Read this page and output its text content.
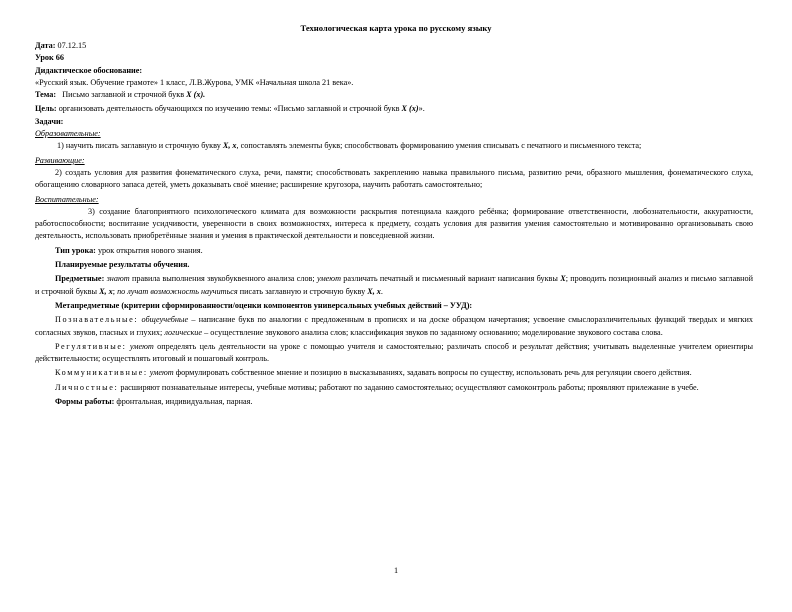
Технологическая карта урока по русскому языку

Дата: 07.12.15

Урок 66

Дидактическое обоснование:

«Русский язык. Обучение грамоте» 1 класс, Л.В.Журова, УМК «Начальная школа 21 века».

Тема: Письмо заглавной и строчной букв Х (х).

Цель: организовать деятельность обучающихся по изучению темы: «Письмо заглавной и строчной букв Х (х)».

Задачи:

Образовательные:

1) научить писать заглавную и строчную букву Х, х, сопоставлять элементы букв; способствовать формированию умения списывать с печатного и письменного текста;

Развивающие:

2) создать условия для развития фонематического слуха, речи, памяти; способствовать закреплению навыка правильного письма, развитию речи, образного мышления, фонематического слуха, обогащению словарного запаса детей, уметь доказывать своё мнение; расширение кругозора, научить работать самостоятельно;

Воспитательные:

3) создание благоприятного психологического климата для возможности раскрытия потенциала каждого ребёнка; формирование ответственности, любознательности, аккуратности, работоспособности; воспитание усидчивости, уверенности в своих возможностях, интереса к предмету, создать условия для развития умения самостоятельно и мотивированно организовывать свою деятельность, использовать приобретённые знания и умения в практической деятельности и повседневной жизни.

Тип урока: урок открытия нового знания.

Планируемые результаты обучения.

Предметные: знают правила выполнения звукобуквенного анализа слов; умеют различать печатный и письменный вариант написания буквы Х; проводить позиционный анализ и письмо заглавной и строчной буквы Х, х; по лучат возможность научиться писать заглавную и строчную букву Х, х.

Метапредметные (критерии сформированности/оценки компонентов универсальных учебных действий – УУД):

Познавательные: общеучебные – написание букв по аналогии с предложенным в прописях и на доске образцом начертания; усвоение смыслоразличительных функций твердых и мягких согласных звуков, гласных и глухих; логические – осуществление звукового анализа слов; классификация звуков по заданному основанию; моделирование звукового состава слова.

Регулятивные: умеют определять цель деятельности на уроке с помощью учителя и самостоятельно; различать способ и результат действия; учитывать выделенные учителем ориентиры действительности; осуществлять итоговый и пошаговый контроль.

Коммуникативные: умеют формулировать собственное мнение и позицию в высказываниях, задавать вопросы по существу, использовать речь для регуляции своего действия.

Личностные: расширяют познавательные интересы, учебные мотивы; работают по заданию самостоятельно; осуществляют самоконтроль работы; проявляют прилежание в учебе.

Формы работы: фронтальная, индивидуальная, парная.

1
